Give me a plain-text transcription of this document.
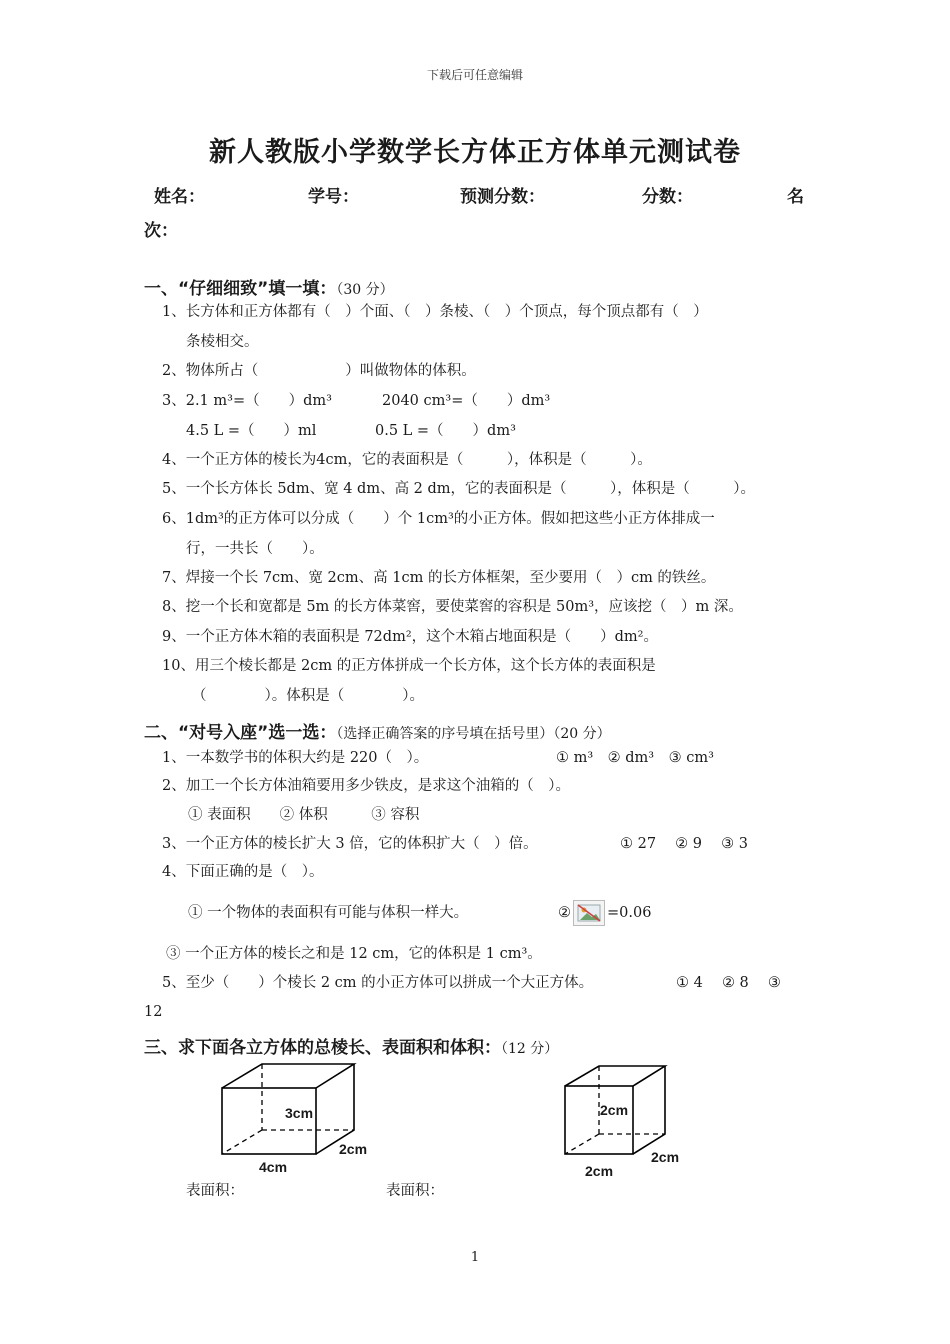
下载后可任意编辑
新人教版小学数学长方体正方体单元测试卷
姓名：	学号：	预测分数：	分数：	名
次：
一、“仔细细致”填一填：（30 分）
1、长方体和正方体都有（　）个面、（　）条棱、（　）个顶点，每个顶点都有（　）
条棱相交。
2、物体所占（　　　　　　）叫做物体的体积。
3、2.1 m³=（　　）dm³	2040 cm³=（　　）dm³
4.5 L =（　　）ml	0.5 L =（　　）dm³
4、一个正方体的棱长为4cm，它的表面积是（　　　），体积是（　　　）。
5、一个长方体长 5dm、宽 4 dm、高 2 dm，它的表面积是（　　　），体积是（　　　）。
6、1dm³的正方体可以分成（　　）个 1cm³的小正方体。假如把这些小正方体排成一
行，一共长（　　）。
7、焊接一个长 7cm、宽 2cm、高 1cm 的长方体框架，至少要用（　）cm 的铁丝。
8、挖一个长和宽都是 5m 的长方体菜窖，要使菜窖的容积是 50m³，应该挖（　）m 深。
9、一个正方体木箱的表面积是 72dm²，这个木箱占地面积是（　　）dm²。
10、用三个棱长都是 2cm 的正方体拼成一个长方体，这个长方体的表面积是
（　　　　）。体积是（　　　　）。
二、“对号入座”选一选：（选择正确答案的序号填在括号里）（20 分）
1、一本数学书的体积大约是 220（　）。	① m³　② dm³　③ cm³
2、加工一个长方体油箱要用多少铁皮，是求这个油箱的（　）。
① 表面积　　② 体积　　　③ 容积
3、一个正方体的棱长扩大 3 倍，它的体积扩大（　）倍。	① 27　 ② 9　 ③ 3
4、下面正确的是（　）。
① 一个物体的表面积有可能与体积一样大。	② =0.06
③ 一个正方体的棱长之和是 12 cm，它的体积是 1 cm³。
5、至少（　　）个棱长 2 cm 的小正方体可以拼成一个大正方体。	① 4　 ② 8　 ③
12
三、求下面各立方体的总棱长、表面积和体积：（12 分）
3cm
2cm
4cm
2cm
2cm
2cm
表面积：	表面积：
1
